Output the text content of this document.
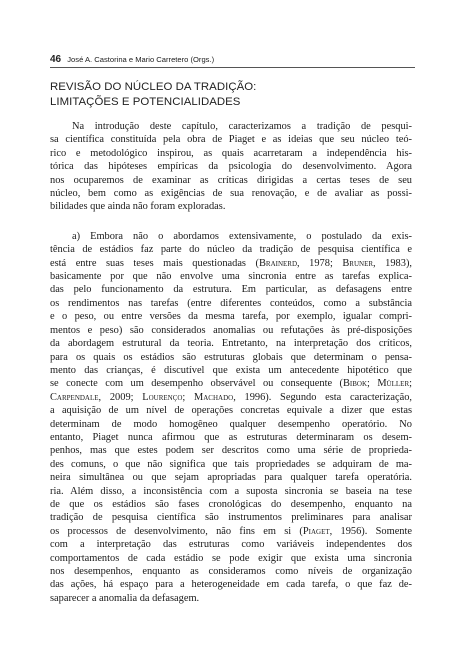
46 José A. Castorina e Mario Carretero (Orgs.)
REVISÃO DO NÚCLEO DA TRADIÇÃO:
LIMITAÇÕES E POTENCIALIDADES
Na introdução deste capítulo, caracterizamos a tradição de pesqui-
sa científica constituída pela obra de Piaget e as ideias que seu núcleo teó-
rico e metodológico inspirou, as quais acarretaram a independência his-
tórica das hipóteses empíricas da psicologia do desenvolvimento. Agora
nos ocuparemos de examinar as críticas dirigidas a certas teses de seu
núcleo, bem como as exigências de sua renovação, e de avaliar as possi-
bilidades que ainda não foram exploradas.
a) Embora não o abordamos extensivamente, o postulado da exis-
tência de estádios faz parte do núcleo da tradição de pesquisa científica e
está entre suas teses mais questionadas (Brainerd, 1978; Bruner, 1983),
basicamente por que não envolve uma sincronia entre as tarefas explica-
das pelo funcionamento da estrutura. Em particular, as defasagens entre
os rendimentos nas tarefas (entre diferentes conteúdos, como a substância
e o peso, ou entre versões da mesma tarefa, por exemplo, igualar compri-
mentos e peso) são considerados anomalias ou refutações às pré-disposições
da abordagem estrutural da teoria. Entretanto, na interpretação dos críticos,
para os quais os estádios são estruturas globais que determinam o pensa-
mento das crianças, é discutível que exista um antecedente hipotético que
se conecte com um desempenho observável ou consequente (Bibok; Müller;
Carpendale, 2009; Lourenço; Machado, 1996). Segundo esta caracterização,
a aquisição de um nível de operações concretas equivale a dizer que estas
determinam de modo homogêneo qualquer desempenho operatório. No
entanto, Piaget nunca afirmou que as estruturas determinaram os desem-
penhos, mas que estes podem ser descritos como uma série de proprieda-
des comuns, o que não significa que tais propriedades se adquiram de ma-
neira simultânea ou que sejam apropriadas para qualquer tarefa operatória.
ria. Além disso, a inconsistência com a suposta sincronia se baseia na tese
de que os estádios são fases cronológicas do desempenho, enquanto na
tradição de pesquisa científica são instrumentos preliminares para analisar
os processos de desenvolvimento, não fins em si (Piaget, 1956). Somente
com a interpretação das estruturas como variáveis independentes dos
comportamentos de cada estádio se pode exigir que exista uma sincronia
nos desempenhos, enquanto as consideramos como níveis de organização
das ações, há espaço para a heterogeneidade em cada tarefa, o que faz de-
saparecer a anomalia da defasagem.
